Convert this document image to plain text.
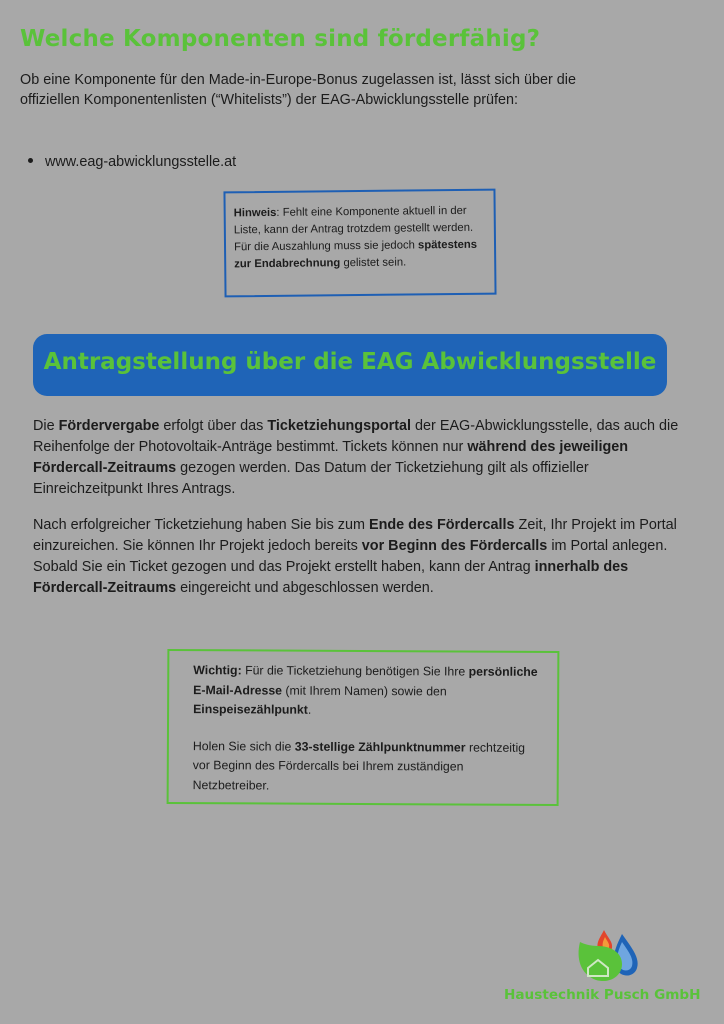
Welche Komponenten sind förderfähig?
Ob eine Komponente für den Made-in-Europe-Bonus zugelassen ist, lässt sich über die offiziellen Komponentenlisten (“Whitelists”) der EAG-Abwicklungsstelle prüfen:
www.eag-abwicklungsstelle.at
Hinweis: Fehlt eine Komponente aktuell in der Liste, kann der Antrag trotzdem gestellt werden. Für die Auszahlung muss sie jedoch spätestens zur Endabrechnung gelistet sein.
Antragstellung über die EAG Abwicklungsstelle
Die Fördervergabe erfolgt über das Ticketziehungsportal der EAG-Abwicklungsstelle, das auch die Reihenfolge der Photovoltaik-Anträge bestimmt. Tickets können nur während des jeweiligen Fördercall-Zeitraums gezogen werden. Das Datum der Ticketziehung gilt als offizieller Einreichzeitpunkt Ihres Antrags.
Nach erfolgreicher Ticketziehung haben Sie bis zum Ende des Fördercalls Zeit, Ihr Projekt im Portal einzureichen. Sie können Ihr Projekt jedoch bereits vor Beginn des Fördercalls im Portal anlegen. Sobald Sie ein Ticket gezogen und das Projekt erstellt haben, kann der Antrag innerhalb des Fördercall-Zeitraums eingereicht und abgeschlossen werden.
Wichtig: Für die Ticketziehung benötigen Sie Ihre persönliche E-Mail-Adresse (mit Ihrem Namen) sowie den Einspeisezählpunkt.
Holen Sie sich die 33-stellige Zählpunktnummer rechtzeitig vor Beginn des Fördercalls bei Ihrem zuständigen Netzbetreiber.
Haustechnik Pusch GmbH
